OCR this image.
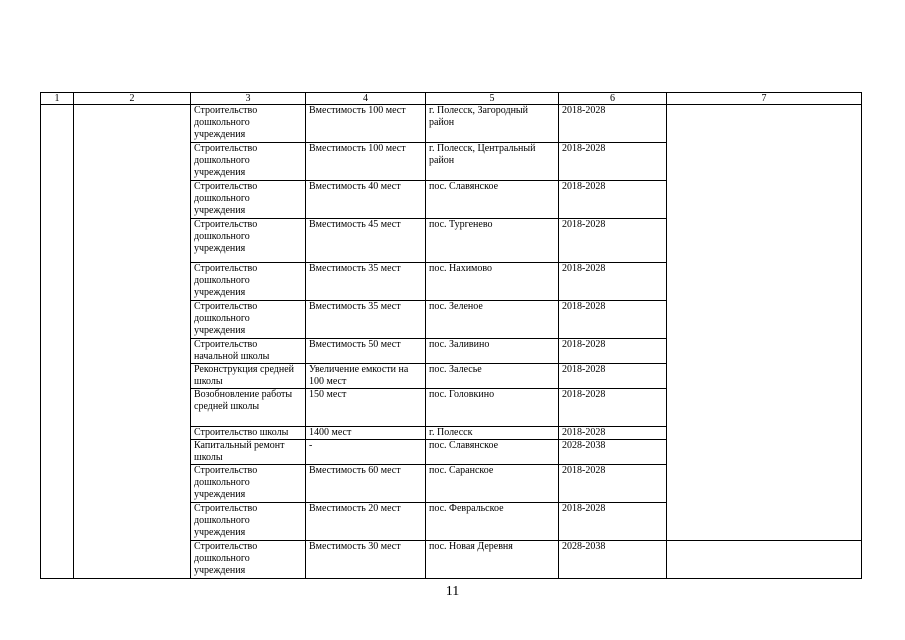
1	2	3	4	5	6	7
		Строительство дошкольного учреждения	Вместимость 100 мест	г. Полесск, Загородный район	2018-2028	
		Строительство дошкольного учреждения	Вместимость 100 мест	г. Полесск, Центральный район	2018-2028	
		Строительство дошкольного учреждения	Вместимость 40 мест	пос. Славянское	2018-2028	
		Строительство дошкольного учреждения	Вместимость 45 мест	пос. Тургенево	2018-2028	
		Строительство дошкольного учреждения	Вместимость 35 мест	пос. Нахимово	2018-2028	
		Строительство дошкольного учреждения	Вместимость 35 мест	пос. Зеленое	2018-2028	
		Строительство начальной школы	Вместимость 50 мест	пос. Заливино	2018-2028	
		Реконструкция средней школы	Увеличение емкости на 100 мест	пос. Залесье	2018-2028	
		Возобновление работы средней школы	150 мест	пос. Головкино	2018-2028	
		Строительство школы	1400 мест	г. Полесск	2018-2028	
		Капитальный ремонт школы	-	пос. Славянское	2028-2038	
		Строительство дошкольного учреждения	Вместимость 60 мест	пос. Саранское	2018-2028	
		Строительство дошкольного учреждения	Вместимость 20 мест	пос. Февральское	2018-2028	
		Строительство дошкольного учреждения	Вместимость 30 мест	пос. Новая Деревня	2028-2038	
11
